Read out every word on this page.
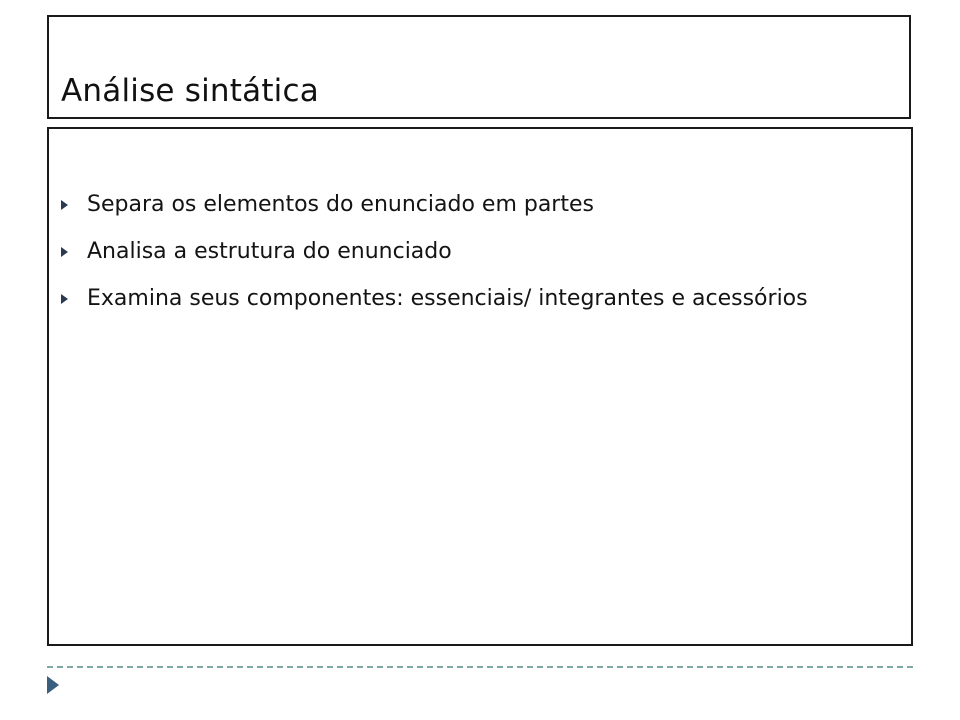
Análise sintática
Separa os elementos do enunciado em partes
Analisa a estrutura do enunciado
Examina seus componentes: essenciais/ integrantes e acessórios
